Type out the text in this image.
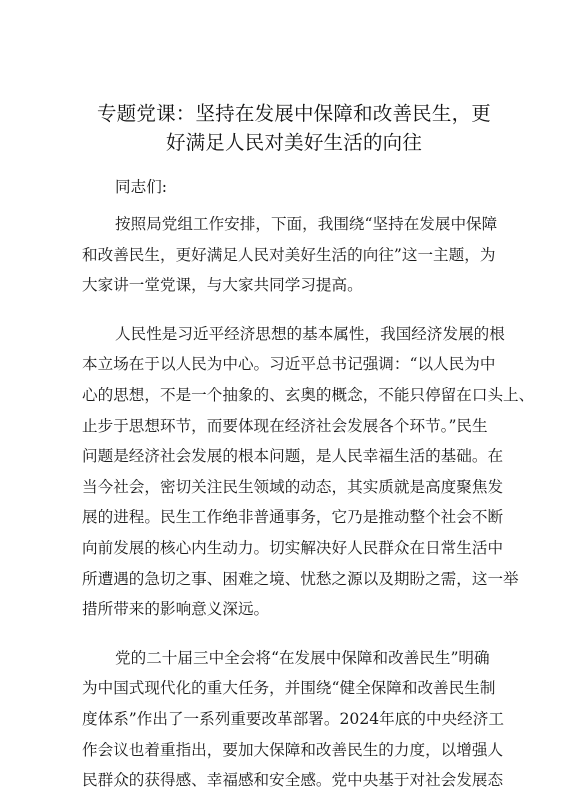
专题党课：坚持在发展中保障和改善民生，更
好满足人民对美好生活的向往

同志们:

按照局党组工作安排，下面，我围绕“坚持在发展中保障
和改善民生，更好满足人民对美好生活的向往”这一主题，为
大家讲一堂党课，与大家共同学习提高。

人民性是习近平经济思想的基本属性，我国经济发展的根
本立场在于以人民为中心。习近平总书记强调：“以人民为中
心的思想，不是一个抽象的、玄奥的概念，不能只停留在口头上、
止步于思想环节，而要体现在经济社会发展各个环节。”民生
问题是经济社会发展的根本问题，是人民幸福生活的基础。在
当今社会，密切关注民生领域的动态，其实质就是高度聚焦发
展的进程。民生工作绝非普通事务，它乃是推动整个社会不断
向前发展的核心内生动力。切实解决好人民群众在日常生活中
所遭遇的急切之事、困难之境、忧愁之源以及期盼之需，这一举
措所带来的影响意义深远。

党的二十届三中全会将“在发展中保障和改善民生”明确
为中国式现代化的重大任务，并围绕“健全保障和改善民生制
度体系”作出了一系列重要改革部署。2024年底的中央经济工
作会议也着重指出，要加大保障和改善民生的力度，以增强人
民群众的获得感、幸福感和安全感。党中央基于对社会发展态
